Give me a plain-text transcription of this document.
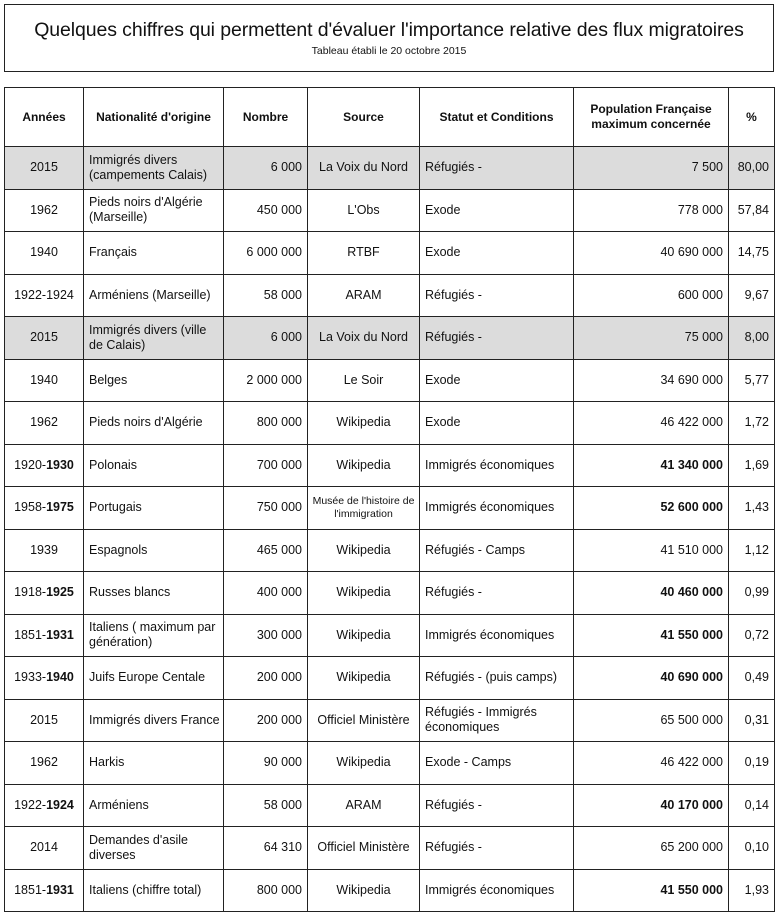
Quelques chiffres qui permettent d'évaluer l'importance relative des flux migratoires
Tableau établi le 20 octobre 2015
Années	Nationalité d'origine	Nombre	Source	Statut et Conditions	Population Française maximum concernée	%
2015	Immigrés divers (campements Calais)	6 000	La Voix du Nord	Réfugiés -	7 500	80,00
1962	Pieds noirs d'Algérie (Marseille)	450 000	L'Obs	Exode	778 000	57,84
1940	Français	6 000 000	RTBF	Exode	40 690 000	14,75
1922-1924	Arméniens (Marseille)	58 000	ARAM	Réfugiés -	600 000	9,67
2015	Immigrés divers (ville de Calais)	6 000	La Voix du Nord	Réfugiés -	75 000	8,00
1940	Belges	2 000 000	Le Soir	Exode	34 690 000	5,77
1962	Pieds noirs d'Algérie	800 000	Wikipedia	Exode	46 422 000	1,72
1920-1930	Polonais	700 000	Wikipedia	Immigrés économiques	41 340 000	1,69
1958-1975	Portugais	750 000	Musée de l'histoire de l'immigration	Immigrés économiques	52 600 000	1,43
1939	Espagnols	465 000	Wikipedia	Réfugiés - Camps	41 510 000	1,12
1918-1925	Russes blancs	400 000	Wikipedia	Réfugiés -	40 460 000	0,99
1851-1931	Italiens ( maximum par génération)	300 000	Wikipedia	Immigrés économiques	41 550 000	0,72
1933-1940	Juifs Europe Centale	200 000	Wikipedia	Réfugiés - (puis camps)	40 690 000	0,49
2015	Immigrés divers France	200 000	Officiel Ministère	Réfugiés - Immigrés économiques	65 500 000	0,31
1962	Harkis	90 000	Wikipedia	Exode - Camps	46 422 000	0,19
1922-1924	Arméniens	58 000	ARAM	Réfugiés -	40 170 000	0,14
2014	Demandes d'asile diverses	64 310	Officiel Ministère	Réfugiés -	65 200 000	0,10
1851-1931	Italiens (chiffre total)	800 000	Wikipedia	Immigrés économiques	41 550 000	1,93
